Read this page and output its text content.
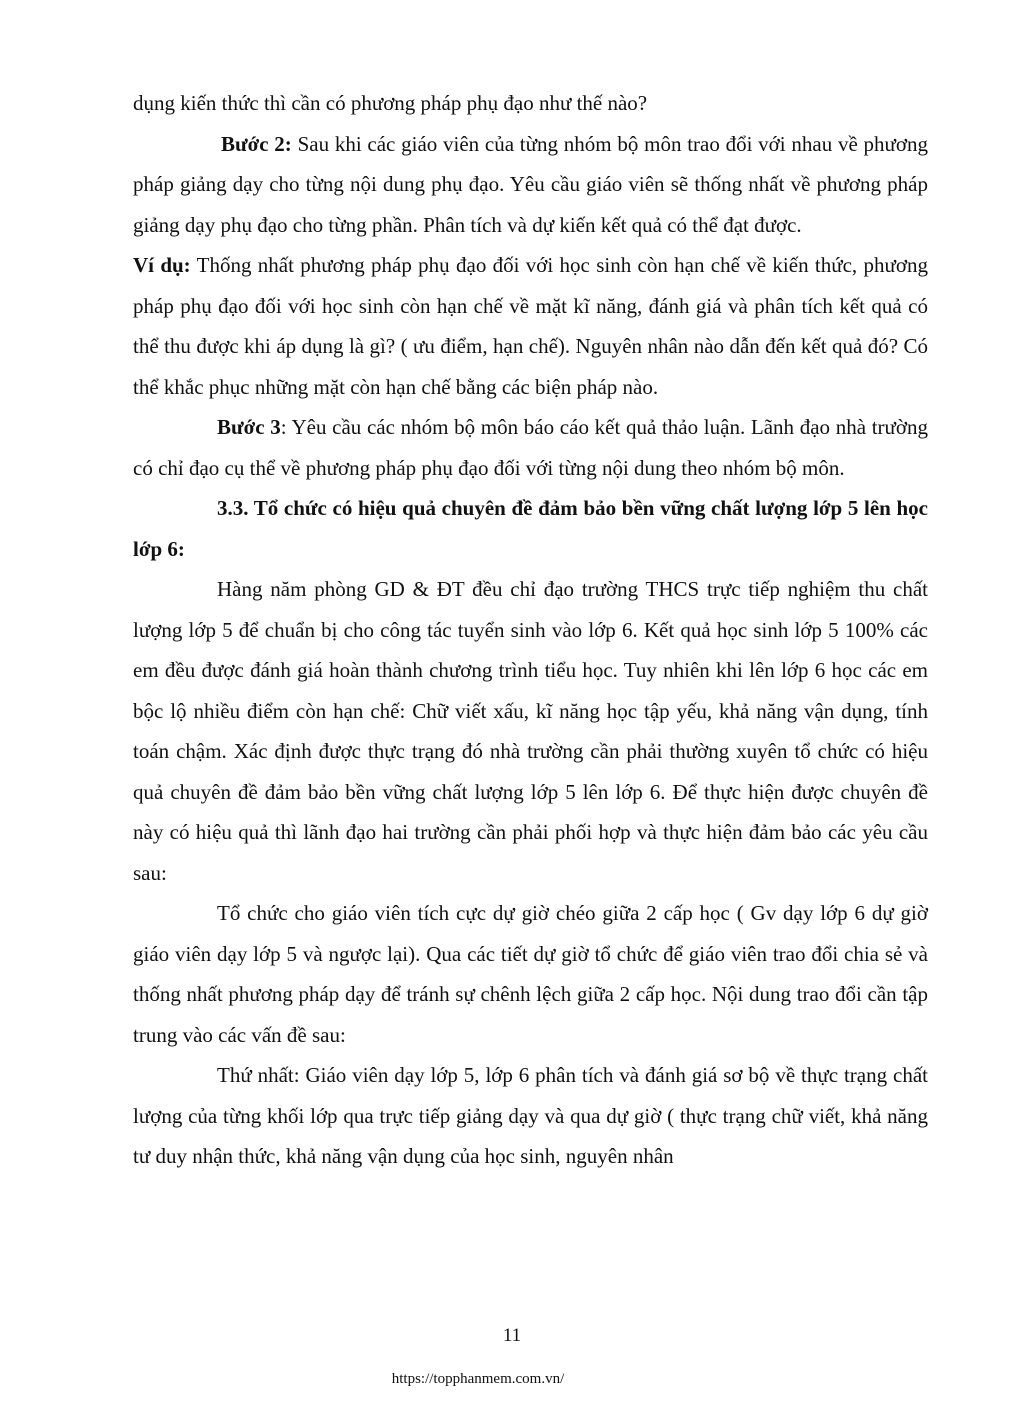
dụng kiến thức thì cần có phương pháp phụ đạo như thế nào?

Bước 2: Sau khi các giáo viên của từng nhóm bộ môn trao đổi với nhau về phương pháp giảng dạy cho từng nội dung phụ đạo. Yêu cầu giáo viên sẽ thống nhất về phương pháp giảng dạy phụ đạo cho từng phần. Phân tích và dự kiến kết quả có thể đạt được.

Ví dụ: Thống nhất phương pháp phụ đạo đối với học sinh còn hạn chế về kiến thức, phương pháp phụ đạo đối với học sinh còn hạn chế về mặt kĩ năng, đánh giá và phân tích kết quả có thể thu được khi áp dụng là gì? ( ưu điểm, hạn chế). Nguyên nhân nào dẫn đến kết quả đó? Có thể khắc phục những mặt còn hạn chế bằng các biện pháp nào.

Bước 3: Yêu cầu các nhóm bộ môn báo cáo kết quả thảo luận. Lãnh đạo nhà trường có chỉ đạo cụ thể về phương pháp phụ đạo đối với từng nội dung theo nhóm bộ môn.

3.3. Tổ chức có hiệu quả chuyên đề đảm bảo bền vững chất lượng lớp 5 lên học lớp 6:

Hàng năm phòng GD & ĐT đều chỉ đạo trường THCS trực tiếp nghiệm thu chất lượng lớp 5 để chuẩn bị cho công tác tuyển sinh vào lớp 6. Kết quả học sinh lớp 5 100% các em đều được đánh giá hoàn thành chương trình tiểu học. Tuy nhiên khi lên lớp 6 học các em bộc lộ nhiều điểm còn hạn chế: Chữ viết xấu, kĩ năng học tập yếu, khả năng vận dụng, tính toán chậm. Xác định được thực trạng đó nhà trường cần phải thường xuyên tổ chức có hiệu quả chuyên đề đảm bảo bền vững chất lượng lớp 5 lên lớp 6. Để thực hiện được chuyên đề này có hiệu quả thì lãnh đạo hai trường cần phải phối hợp và thực hiện đảm bảo các yêu cầu sau:

Tổ chức cho giáo viên tích cực dự giờ chéo giữa 2 cấp học ( Gv dạy lớp 6 dự giờ giáo viên dạy lớp 5 và ngược lại). Qua các tiết dự giờ tổ chức để giáo viên trao đổi chia sẻ và thống nhất phương pháp dạy để tránh sự chênh lệch giữa 2 cấp học. Nội dung trao đổi cần tập trung vào các vấn đề sau:

Thứ nhất: Giáo viên dạy lớp 5, lớp 6 phân tích và đánh giá sơ bộ về thực trạng chất lượng của từng khối lớp qua trực tiếp giảng dạy và qua dự giờ ( thực trạng chữ viết, khả năng tư duy nhận thức, khả năng vận dụng của học sinh, nguyên nhân

11
https://topphanmem.com.vn/
